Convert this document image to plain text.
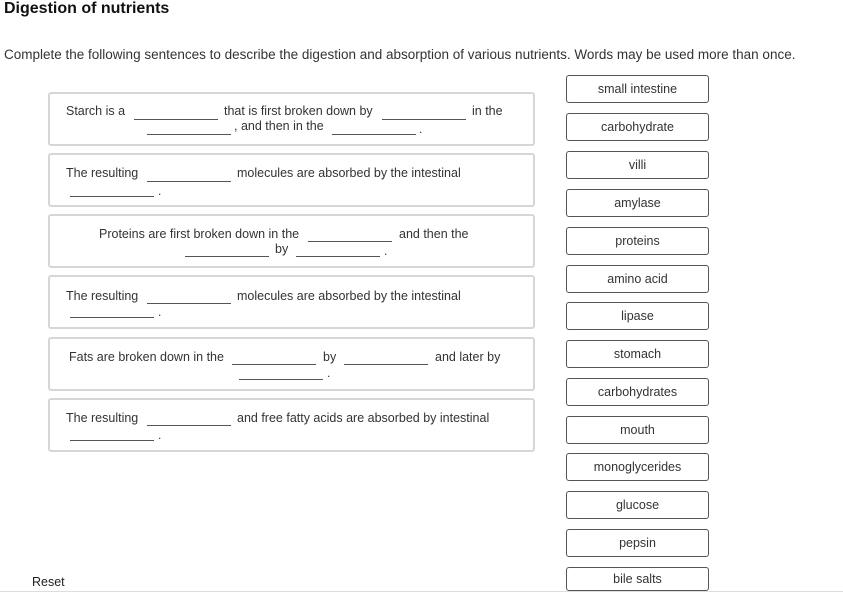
Digestion of nutrients
Complete the following sentences to describe the digestion and absorption of various nutrients. Words may be used more than once.
Starch is a	that is first broken down by	in the
, and then in the	.
The resulting	molecules are absorbed by the intestinal
.
Proteins are first broken down in the	and then the
by	.
The resulting	molecules are absorbed by the intestinal
.
Fats are broken down in the	by	and later by
.
The resulting	and free fatty acids are absorbed by intestinal
.
small intestine
carbohydrate
villi
amylase
proteins
amino acid
lipase
stomach
carbohydrates
mouth
monoglycerides
glucose
pepsin
bile salts
Reset
